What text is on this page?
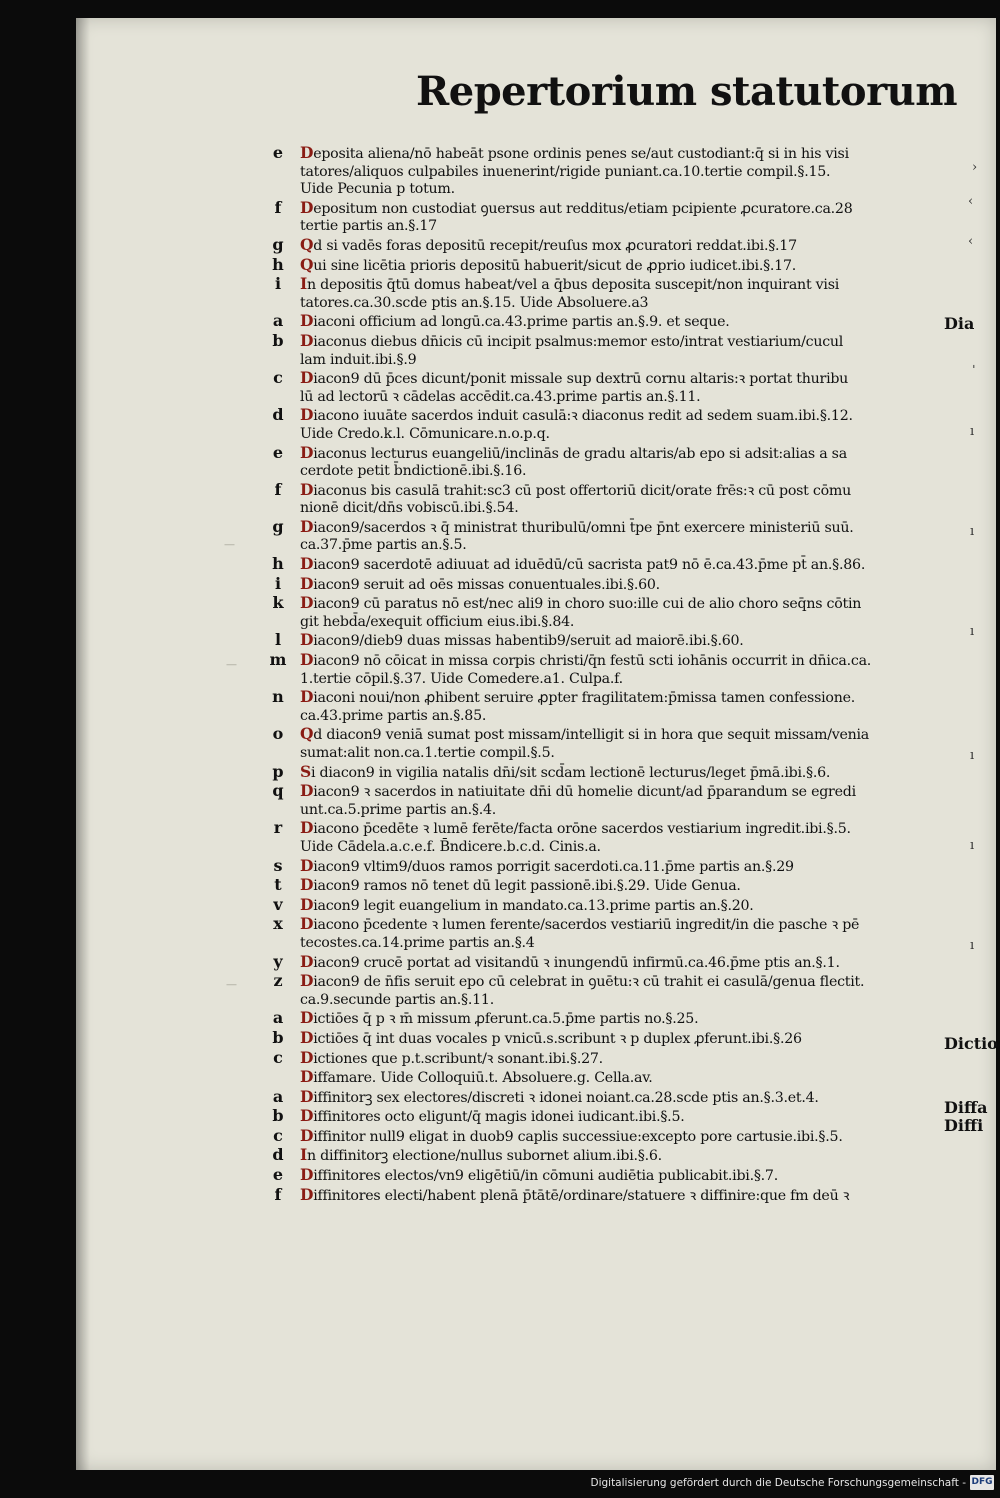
Repertorium statutorum
e	Deposita aliena/nō habeāt psone ordinis penes se/aut custodiant:q̄ si in his visi
tatores/aliquos culpabiles inuenerint/rigide puniant.ca.10.tertie compil.§.15.
Uide Pecunia p totum.
f	Depositum non custodiat ꝯuersus aut redditus/etiam pcipiente ꝓcuratore.ca.28
tertie partis an.§.17
g	Qd si vadēs foras depositū recepit/reuſus mox ꝓcuratori reddat.ibi.§.17
h	Qui sine licētia prioris depositū habuerit/sicut de ꝓprio iudicet.ibi.§.17.
i	In depositis q̄tū domus habeat/vel a q̄bus deposita suscepit/non inquirant visi
tatores.ca.30.scde ptis an.§.15. Uide Absoluere.a3
a	Diaconi officium ad longū.ca.43.prime partis an.§.9. et seque.
b	Diaconus diebus dn̄icis cū incipit psalmus:memor esto/intrat vestiarium/cucul
lam induit.ibi.§.9
c	Diacon9 dū p̄ces dicunt/ponit missale sup dextrū cornu altaris:ꝛ portat thuribu
lū ad lectorū ꝛ cādelas accēdit.ca.43.prime partis an.§.11.
d	Diacono iuuāte sacerdos induit casulā:ꝛ diaconus redit ad sedem suam.ibi.§.12.
Uide Credo.k.l. Cōmunicare.n.o.p.q.
e	Diaconus lecturus euangeliū/inclinās de gradu altaris/ab epo si adsit:alias a sa
cerdote petit b̄ndictionē.ibi.§.16.
f	Diaconus bis casulā trahit:sc3 cū post offertoriū dicit/orate frēs:ꝛ cū post cōmu
nionē dicit/dn̄s vobiscū.ibi.§.54.
g	Diacon9/sacerdos ꝛ q̄ ministrat thuribulū/omni t̄pe p̄nt exercere ministeriū suū.
ca.37.p̄me partis an.§.5.
h	Diacon9 sacerdotē adiuuat ad iduēdū/cū sacrista pat9 nō ē.ca.43.p̄me pt̄ an.§.86.
i	Diacon9 seruit ad oēs missas conuentuales.ibi.§.60.
k	Diacon9 cū paratus nō est/nec ali9 in choro suo:ille cui de alio choro seq̄ns cōtin
git hebd̄a/exequit officium eius.ibi.§.84.
l	Diacon9/dieb9 duas missas habentib9/seruit ad maiorē.ibi.§.60.
m Diacon9 nō cōicat in missa corpis christi/q̄n festū scti iohānis occurrit in dn̄ica.ca.
1.tertie cōpil.§.37. Uide Comedere.a1. Culpa.f.
n	Diaconi noui/non ꝓhibent seruire ꝓpter fragilitatem:p̄missa tamen confessione.
ca.43.prime partis an.§.85.
o	Qd diacon9 veniā sumat post missam/intelligit si in hora que sequit missam/venia
sumat:alit non.ca.1.tertie compil.§.5.
p	Si diacon9 in vigilia natalis dn̄i/sit scd̄am lectionē lecturus/leget p̄mā.ibi.§.6.
q	Diacon9 ꝛ sacerdos in natiuitate dn̄i dū homelie dicunt/ad p̄parandum se egredi
unt.ca.5.prime partis an.§.4.
r	Diacono p̄cedēte ꝛ lumē ferēte/facta orōne sacerdos vestiarium ingredit.ibi.§.5.
Uide Cādela.a.c.e.f. B̄ndicere.b.c.d. Cinis.a.
s	Diacon9 vltim9/duos ramos porrigit sacerdoti.ca.11.p̄me partis an.§.29
t	Diacon9 ramos nō tenet dū legit passionē.ibi.§.29. Uide Genua.
v	Diacon9 legit euangelium in mandato.ca.13.prime partis an.§.20.
x	Diacono p̄cedente ꝛ lumen ferente/sacerdos vestiariū ingredit/in die pasche ꝛ pē
tecostes.ca.14.prime partis an.§.4
y	Diacon9 crucē portat ad visitandū ꝛ inungendū infirmū.ca.46.p̄me ptis an.§.1.
z	Diacon9 de n̄fis seruit epo cū celebrat in ꝯuētu:ꝛ cū trahit ei casulā/genua flectit.
ca.9.secunde partis an.§.11.
a	Dictiōes q̄ p ꝛ m̄ missum ꝓferunt.ca.5.p̄me partis no.§.25.
b	Dictiōes q̄ int duas vocales p vnicū.s.scribunt ꝛ p duplex ꝓferunt.ibi.§.26
c	Dictiones que p.t.scribunt/ꝛ sonant.ibi.§.27.
Diffamare. Uide Colloquiū.t. Absoluere.g. Cella.av.
a	Diffinitorꝫ sex electores/discreti ꝛ idonei noiant.ca.28.scde ptis an.§.3.et.4.
b	Diffinitores octo eligunt/q̄ magis idonei iudicant.ibi.§.5.
c	Diffinitor null9 eligat in duob9 caplis successiue:excepto pore cartusie.ibi.§.5.
d	In diffinitorꝫ electione/nullus subornet alium.ibi.§.6.
e	Diffinitores electos/vn9 eligētiū/in cōmuni audiētia publicabit.ibi.§.7.
f	Diffinitores electi/habent plenā p̄tātē/ordinare/statuere ꝛ diffinire:que fm deū ꝛ
Dia
Dictio
Diffa
Diffi
›
‹
‹
ˈ
ı
ı
ı
ı
ı
ı
—
—
—
Digitalisierung gefördert durch die Deutsche Forschungsgemeinschaft - DFG
